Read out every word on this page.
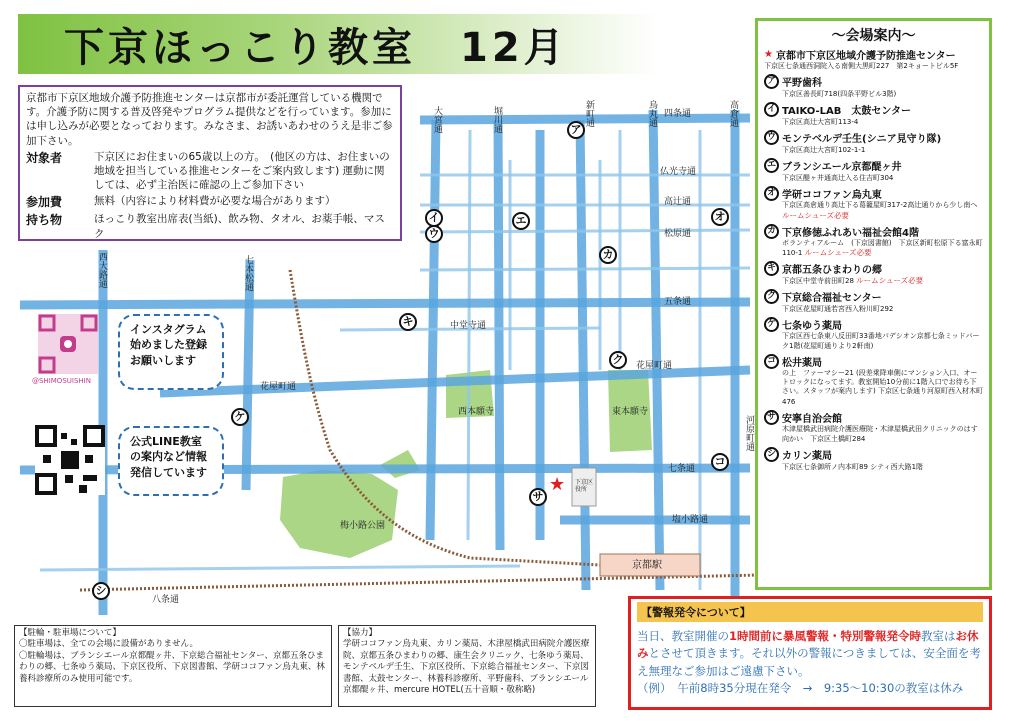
下京ほっこり教室　12月
★
大宮通	堀川通	新町通	烏丸通	高倉通
四条通
仏光寺通
高辻通
松原通
五条通
西大路通	七本松通
中堂寺通
花屋町通
花屋町通
西本願寺	東本願寺
河原町通
七条通
塩小路通
梅小路公園
京都駅
八条通
下京区役所
ア
イ
ウ
エ	オ
カ
キ
ク
ケ
コ
サ
シ
京都市下京区地域介護予防推進センターは京都市が委託運営している機関です。介護予防に関する普及啓発やプログラム提供などを行っています。参加には申し込みが必要となっております。みなさま、お誘いあわせのうえ是非ご参加下さい。
対象者	下京区にお住まいの65歳以上の方。　(他区の方は、お住まいの地域を担当している推進センターをご案内致します) 運動に関しては、必ず主治医に確認の上ご参加下さい
参加費	無料（内容により材料費が必要な場合があります）
持ち物	ほっこり教室出席表(当紙)、飲み物、タオル、お薬手帳、マスク
@SHIMOSUISHIN
インスタグラム始めました登録お願いします
公式LINE教室の案内など情報発信しています
～会場案内～
★ 京都市下京区地域介護予防推進センター
下京区七条通西洞院入る南側大黒町227　第2キョートビル5F
ア 平野歯科
下京区善長町718(四条平野ビル3階)
イ TAIKO-LAB　太鼓センター
下京区高辻大宮町113-4
ウ モンテベルデ壬生(シニア見守り隊)
下京区高辻大宮町102-1-1
エ ブランシエール京都醍ヶ井
下京区醍ヶ井通高辻入る住吉町304
オ 学研ココファン烏丸東
下京区高倉通り高辻下る葛籠屋町317-2高辻通りから少し南へ ルームシューズ必要
カ 下京修徳ふれあい福祉会館4階
ボランティアルーム　(下京図書館)　下京区新町松原下る富永町110-1 ルームシューズ必要
キ 京都五条ひまわりの郷
下京区中堂寺前田町28 ルームシューズ必要
ク 下京総合福祉センター
下京区花屋町通若宮西入粉川町292
ケ 七条ゆう薬局
下京区西七条東八反田町33番地パデシオン京都七条ミッドバーク1階(花屋町通りより2軒南)
コ 松井薬局
の上　ファーマシー21 (段差乗降車側にマンション入口、オートロックになってます。教室開始10分前に1階入口でお待ち下さい。スタッフが案内します) 下京区七条通り河原町西入材木町476
サ 安寧自治会館
木津屋橋武田病院介護医療院・木津屋橋武田クリニックのはす向かい　下京区土橋町284
シ カリン薬局
下京区七条御所ノ内本町89 シティ西大路1階
【駐輪・駐車場について】
〇駐車場は、全ての会場に設備がありません。
〇駐輪場は、ブランシエール京都醍ヶ井、下京総合福祉センター、京都五条ひまわりの郷、七条ゆう薬局、下京区役所、下京図書館、学研ココファン烏丸東、林養科診療所のみ使用可能です。
【協力】
学研ココファン烏丸東、カリン薬局、木津屋橋武田病院介護医療院、京都五条ひまわりの郷、康生会クリニック、七条ゆう薬局、モンテベルデ壬生、下京区役所、下京総合福祉センター、下京図書館、太鼓センター、林養科診療所、平野歯科、ブランシエール京都醍ヶ井、mercure HOTEL(五十音順・敬称略)
【警報発令について】
当日、教室開催の1時間前に暴風警報・特別警報発令時教室はお休みとさせて頂きます。それ以外の警報につきましては、安全面を考え無理なご参加はご遠慮下さい。
（例）　午前8時35分現在発令　→　9:35～10:30の教室は休み
